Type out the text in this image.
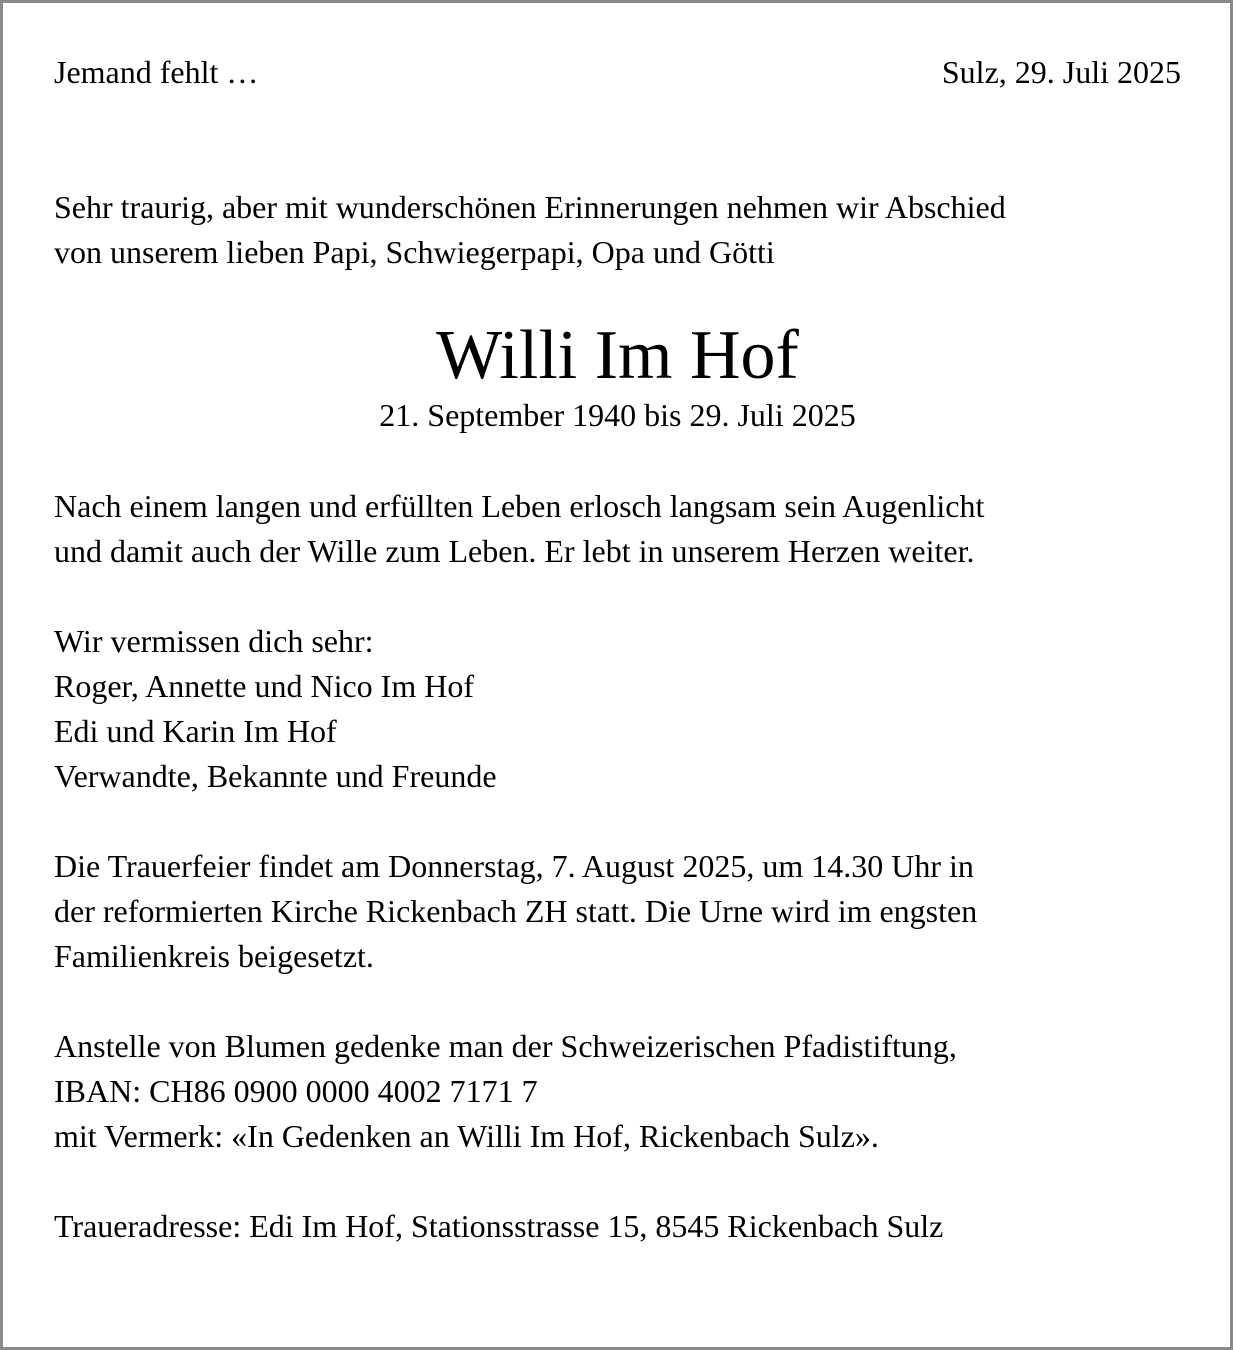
Jemand fehlt …	Sulz, 29. Juli 2025
Sehr traurig, aber mit wunderschönen Erinnerungen nehmen wir Abschied
von unserem lieben Papi, Schwiegerpapi, Opa und Götti
Willi Im Hof
21. September 1940 bis 29. Juli 2025
Nach einem langen und erfüllten Leben erlosch langsam sein Augenlicht
und damit auch der Wille zum Leben. Er lebt in unserem Herzen weiter.
Wir vermissen dich sehr:
Roger, Annette und Nico Im Hof
Edi und Karin Im Hof
Verwandte, Bekannte und Freunde
Die Trauerfeier findet am Donnerstag, 7. August 2025, um 14.30 Uhr in
der reformierten Kirche Rickenbach ZH statt. Die Urne wird im engsten
Familienkreis beigesetzt.
Anstelle von Blumen gedenke man der Schweizerischen Pfadistiftung,
IBAN: CH86 0900 0000 4002 7171 7
mit Vermerk: «In Gedenken an Willi Im Hof, Rickenbach Sulz».
Traueradresse: Edi Im Hof, Stationsstrasse 15, 8545 Rickenbach Sulz
